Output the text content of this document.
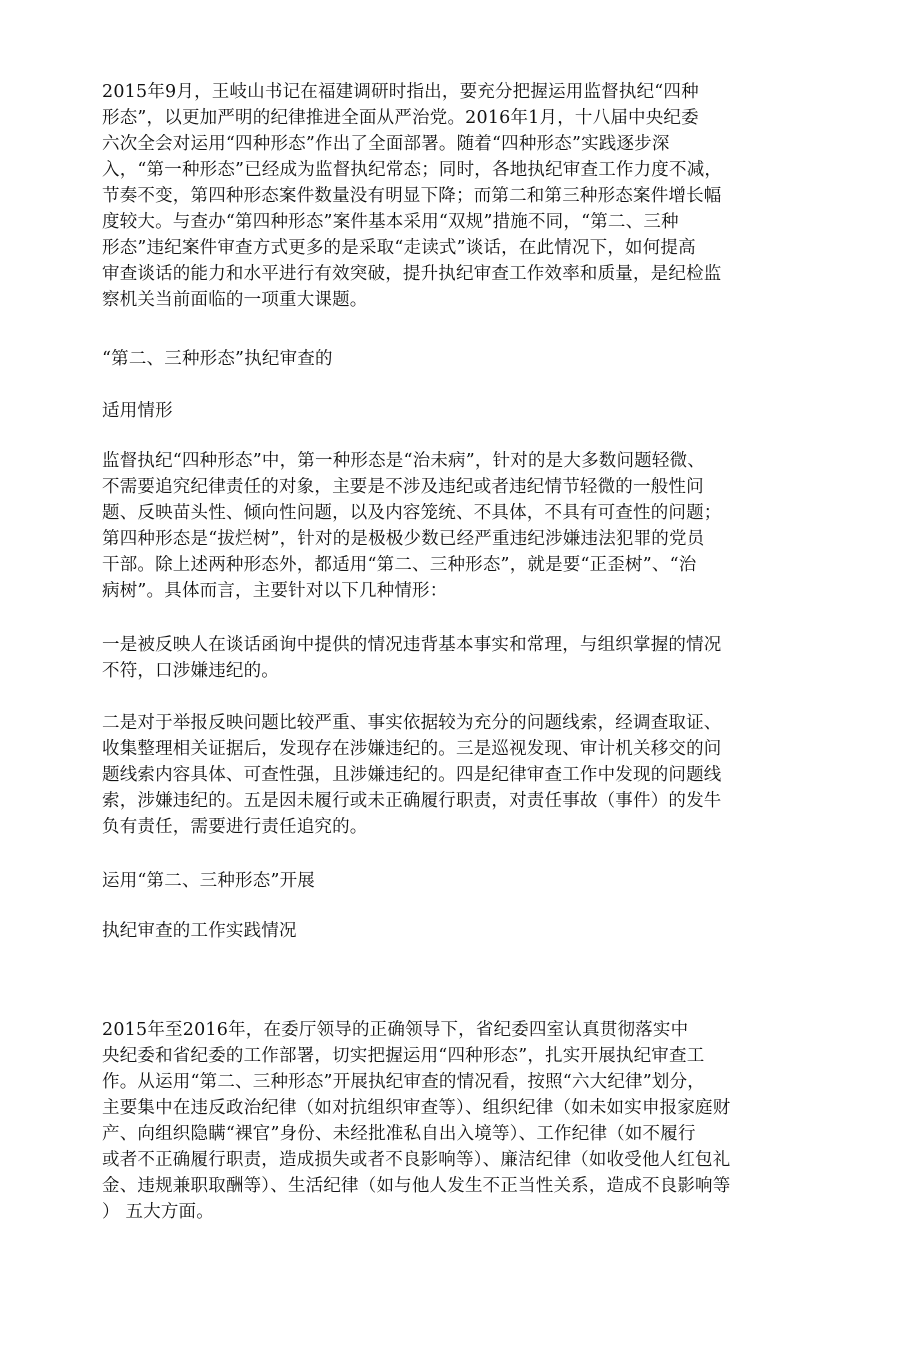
2015年9月，王岐山书记在福建调研时指出，要充分把握运用监督执纪“四种
形态”，以更加严明的纪律推进全面从严治党。2016年1月，十八届中央纪委
六次全会对运用“四种形态”作出了全面部署。随着“四种形态”实践逐步深
入，“第一种形态”已经成为监督执纪常态；同时，各地执纪审查工作力度不减，
节奏不变，第四种形态案件数量没有明显下降；而第二和第三种形态案件增长幅
度较大。与查办“第四种形态”案件基本采用“双规”措施不同，“第二、三种
形态”违纪案件审查方式更多的是采取“走读式”谈话，在此情况下，如何提高
审查谈话的能力和水平进行有效突破，提升执纪审查工作效率和质量，是纪检监
察机关当前面临的一项重大课题。
“第二、三种形态”执纪审查的
适用情形
监督执纪“四种形态”中，第一种形态是“治未病”，针对的是大多数问题轻微、
不需要追究纪律责任的对象，主要是不涉及违纪或者违纪情节轻微的一般性问
题、反映苗头性、倾向性问题，以及内容笼统、不具体，不具有可查性的问题；
第四种形态是“拔烂树”，针对的是极极少数已经严重违纪涉嫌违法犯罪的党员
干部。除上述两种形态外，都适用“第二、三种形态”，就是要“正歪树”、“治
病树”。具体而言，主要针对以下几种情形：
一是被反映人在谈话函询中提供的情况违背基本事实和常理，与组织掌握的情况
不符，口涉嫌违纪的。
二是对于举报反映问题比较严重、事实依据较为充分的问题线索，经调查取证、
收集整理相关证据后，发现存在涉嫌违纪的。三是巡视发现、审计机关移交的问
题线索内容具体、可查性强，且涉嫌违纪的。四是纪律审查工作中发现的问题线
索，涉嫌违纪的。五是因未履行或未正确履行职责，对责任事故（事件）的发牛
负有责任，需要进行责任追究的。
运用“第二、三种形态”开展
执纪审查的工作实践情况
2015年至2016年，在委厅领导的正确领导下，省纪委四室认真贯彻落实中
央纪委和省纪委的工作部署，切实把握运用“四种形态”，扎实开展执纪审查工
作。从运用“第二、三种形态”开展执纪审查的情况看，按照“六大纪律”划分，
主要集中在违反政治纪律（如对抗组织审查等）、组织纪律（如未如实申报家庭财
产、向组织隐瞒“裸官”身份、未经批准私自出入境等）、工作纪律（如不履行
或者不正确履行职责，造成损失或者不良影响等）、廉洁纪律（如收受他人红包礼
金、违规兼职取酬等）、生活纪律（如与他人发生不正当性关系，造成不良影响等
） 五大方面。
